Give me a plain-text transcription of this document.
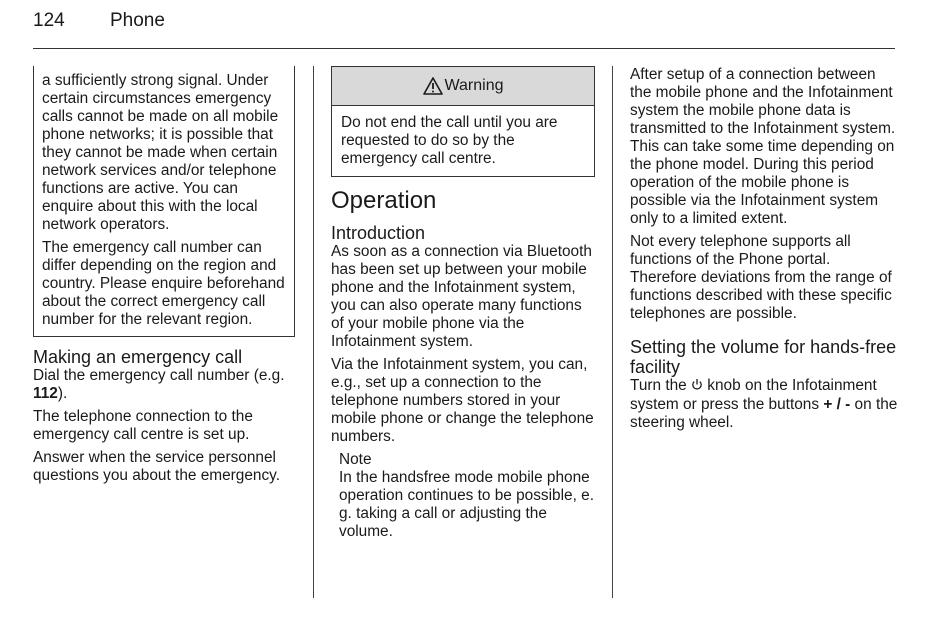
124 Phone

a sufficiently strong signal. Under certain circumstances emergency calls cannot be made on all mobile phone networks; it is possible that they cannot be made when certain network services and/or telephone functions are active. You can enquire about this with the local network operators.

The emergency call number can differ depending on the region and country. Please enquire beforehand about the correct emergency call number for the relevant region.

Making an emergency call

Dial the emergency call number (e.g. 112).

The telephone connection to the emergency call centre is set up.

Answer when the service personnel questions you about the emergency.

Warning

Do not end the call until you are requested to do so by the emergency call centre.

Operation
Introduction

As soon as a connection via Bluetooth has been set up between your mobile phone and the Infotainment system, you can also operate many functions of your mobile phone via the Infotainment system.

Via the Infotainment system, you can, e.g., set up a connection to the telephone numbers stored in your mobile phone or change the telephone numbers.

Note

In the handsfree mode mobile phone operation continues to be possible, e. g. taking a call or adjusting the volume.

After setup of a connection between the mobile phone and the Infotainment system the mobile phone data is transmitted to the Infotainment system. This can take some time depending on the phone model. During this period operation of the mobile phone is possible via the Infotainment system only to a limited extent.

Not every telephone supports all functions of the Phone portal. Therefore deviations from the range of functions described with these specific telephones are possible.

Setting the volume for hands-free facility

Turn the  knob on the Infotainment system or press the buttons + / - on the steering wheel.
